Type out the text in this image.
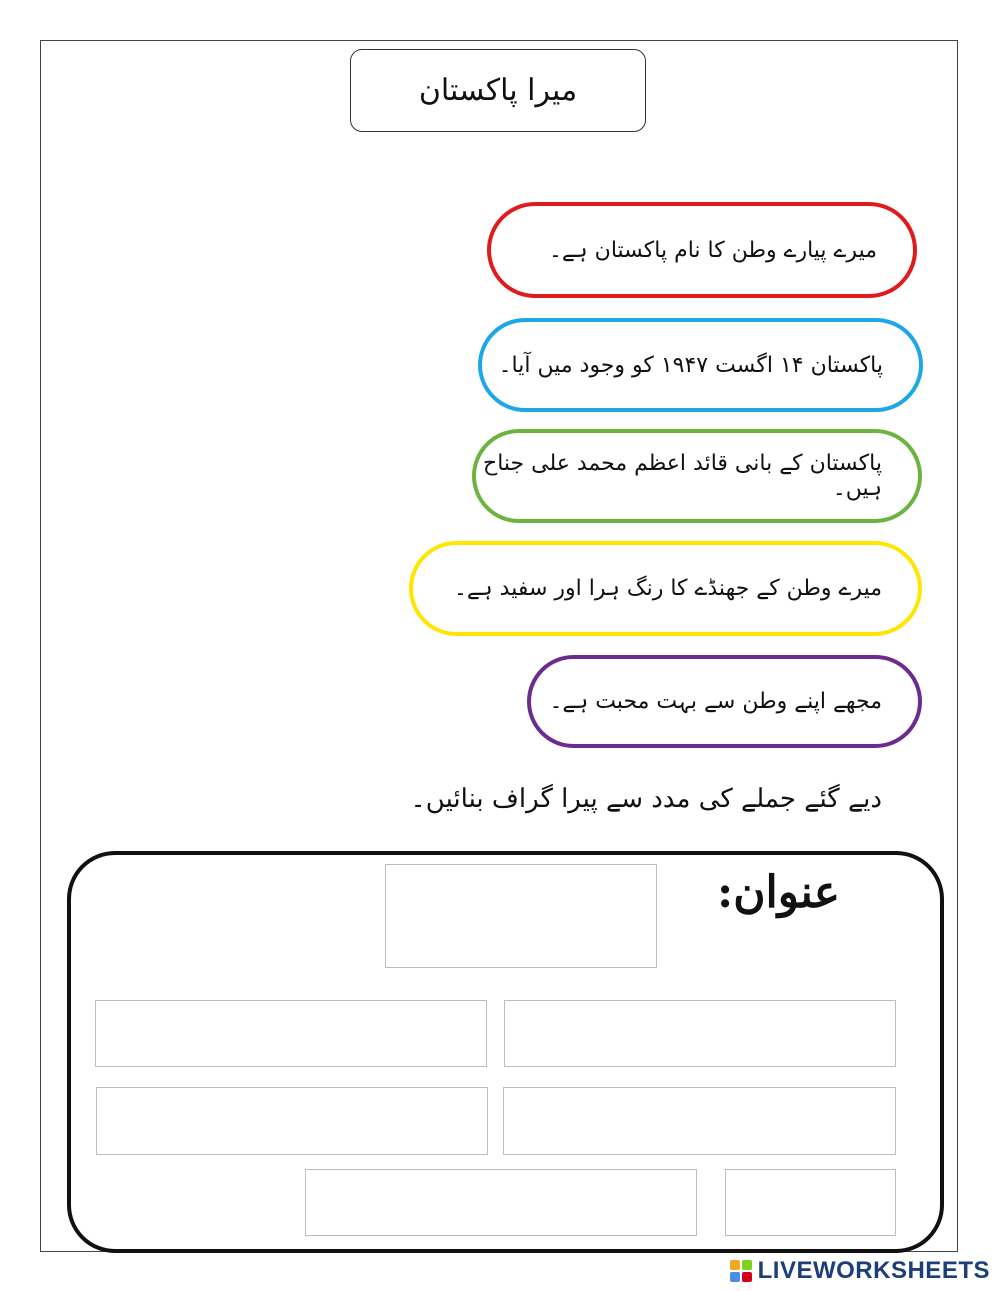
میرا پاکستان
میرے پیارے وطن کا نام پاکستان ہے۔
پاکستان ۱۴ اگست ۱۹۴۷ کو وجود میں آیا۔
پاکستان کے بانی قائد اعظم محمد علی جناح ہیں۔
میرے وطن کے جھنڈے کا رنگ ہرا اور سفید ہے۔
مجھے اپنے وطن سے بہت محبت ہے۔
دیے گئے جملے کی مدد سے پیرا گراف بنائیں۔
عنوان:
LIVEWORKSHEETS
